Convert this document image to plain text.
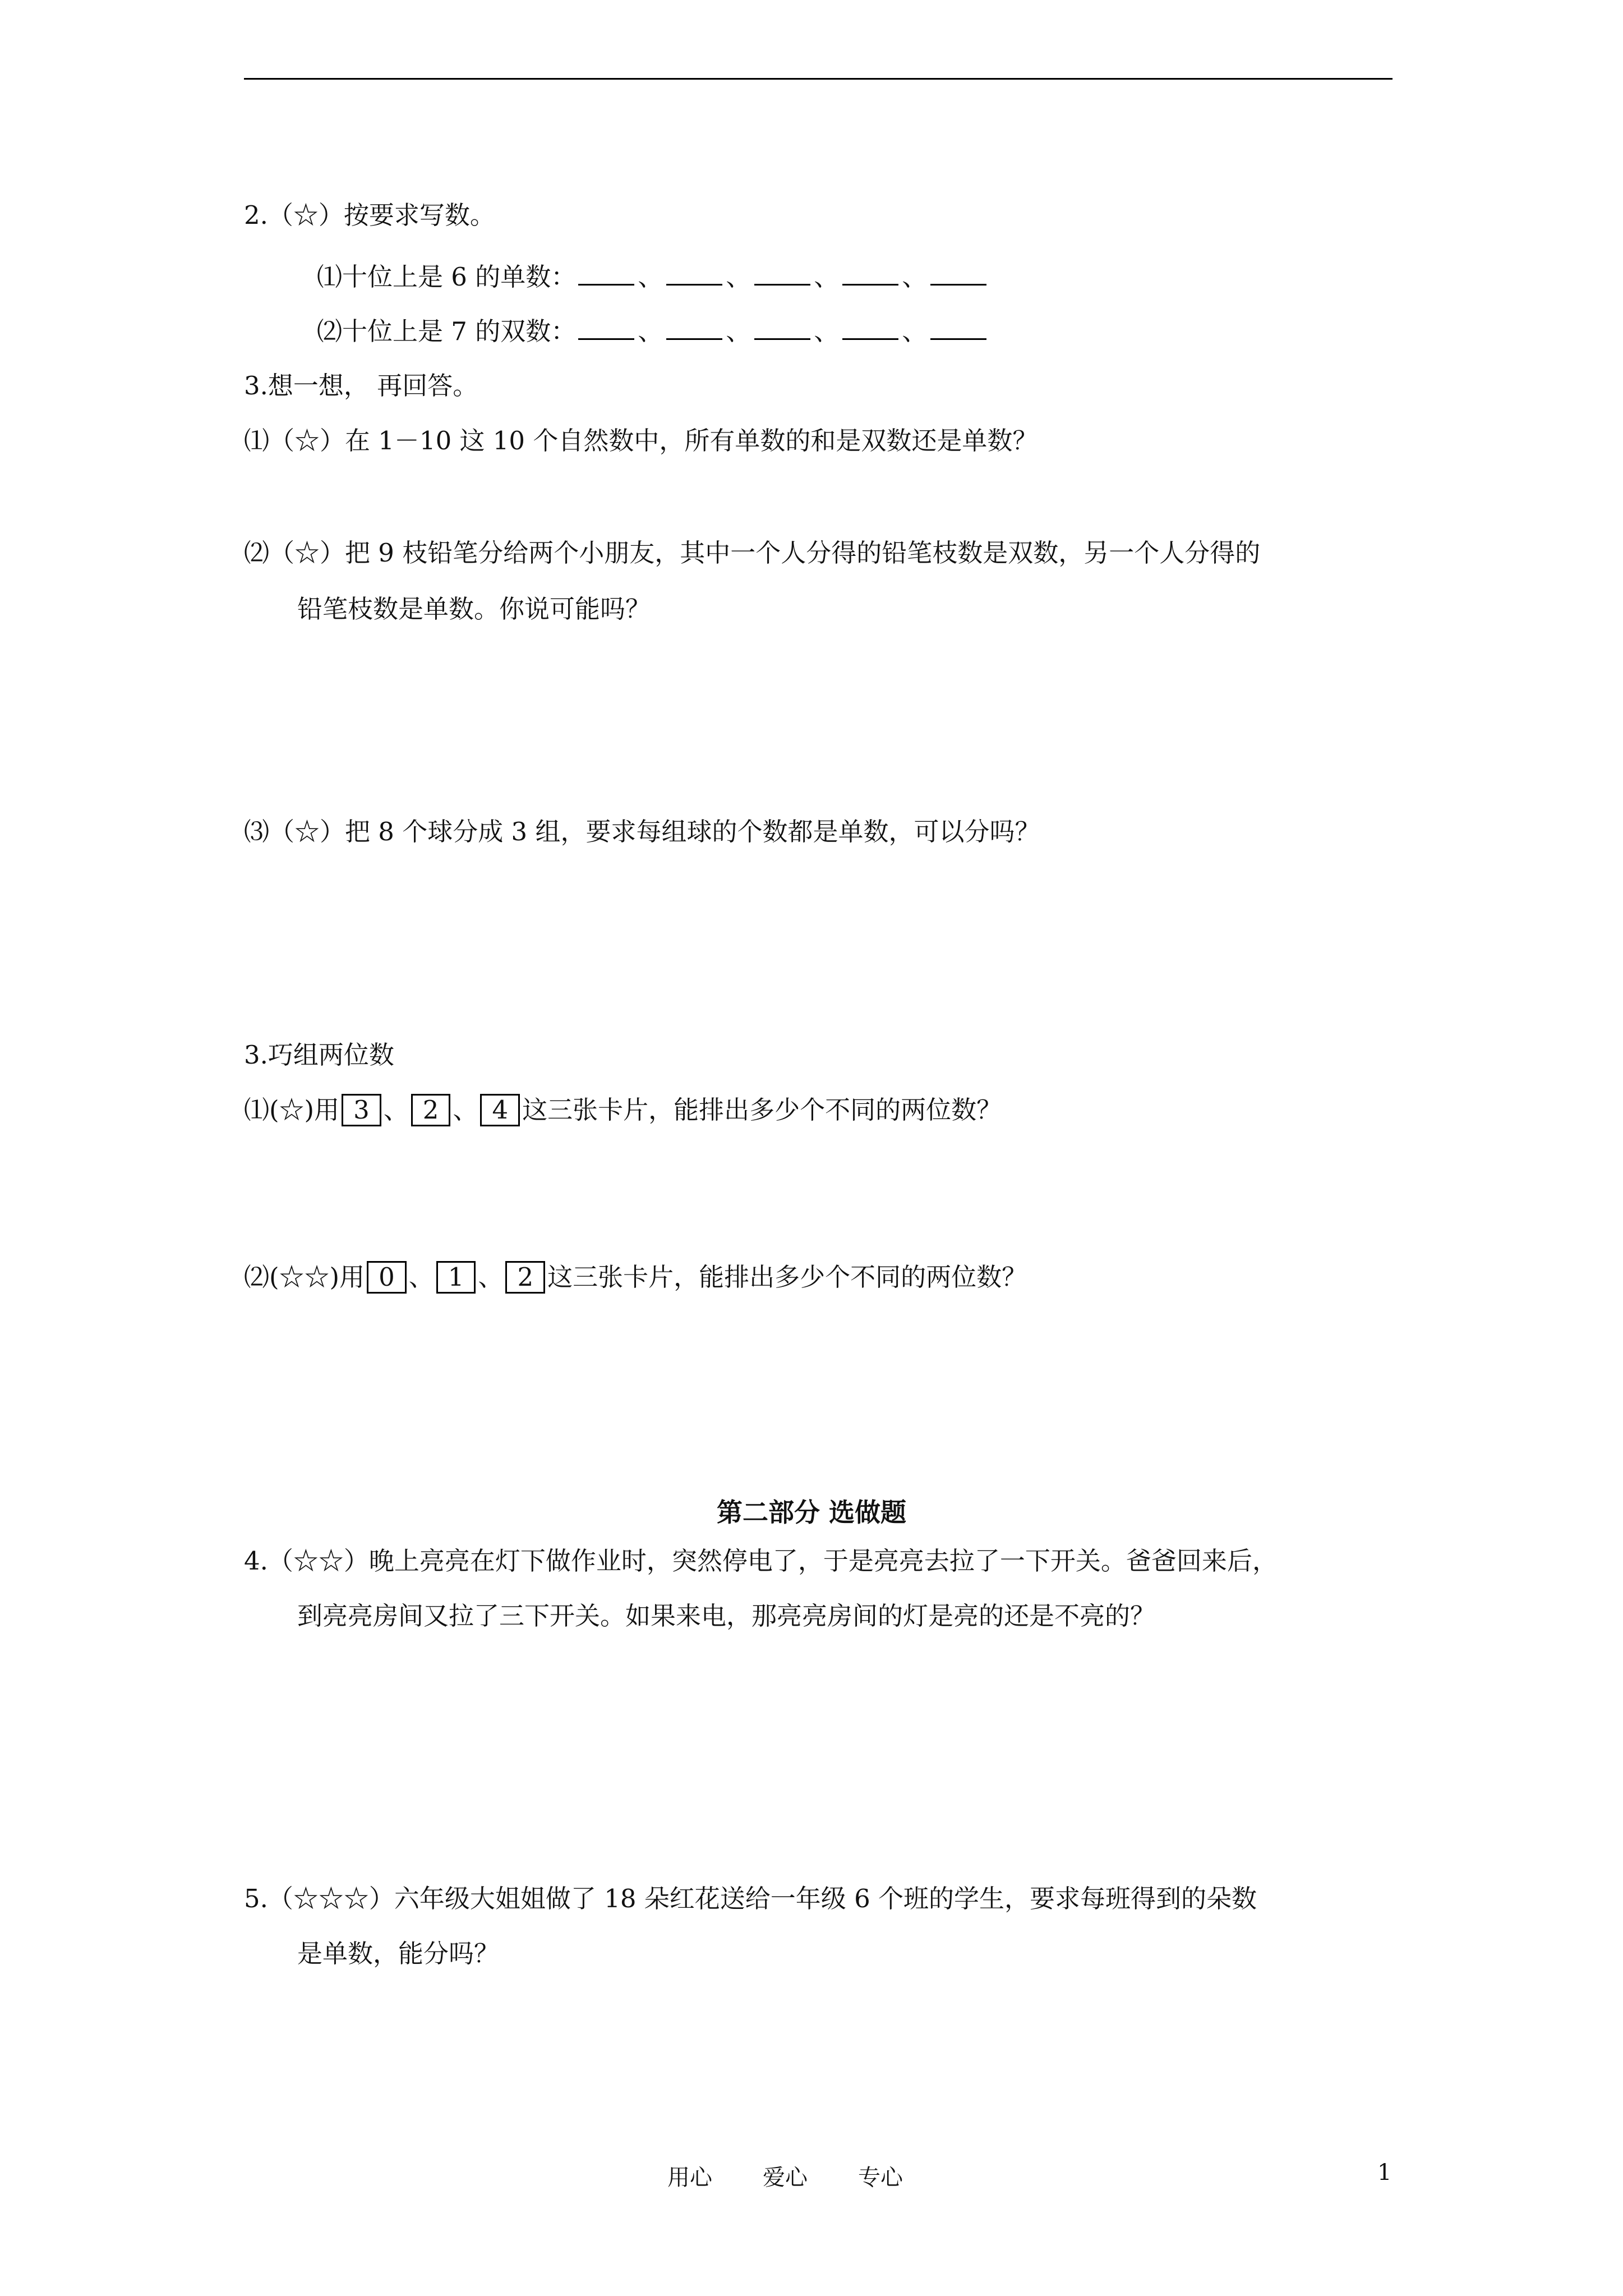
2.（☆）按要求写数。
⑴十位上是 6 的单数： 、 、 、 、
⑵十位上是 7 的双数： 、 、 、 、
3.想一想， 再回答。
⑴（☆）在 1－10 这 10 个自然数中，所有单数的和是双数还是单数？
⑵（☆）把 9 枝铅笔分给两个小朋友，其中一个人分得的铅笔枝数是双数，另一个人分得的
铅笔枝数是单数。你说可能吗？
⑶（☆）把 8 个球分成 3 组，要求每组球的个数都是单数，可以分吗？
3.巧组两位数
⑴(☆)用 3 、 2 、 4 这三张卡片，能排出多少个不同的两位数？
⑵(☆☆)用 0 、 1 、 2 这三张卡片，能排出多少个不同的两位数？
第二部分 选做题
4.（☆☆）晚上亮亮在灯下做作业时，突然停电了，于是亮亮去拉了一下开关。爸爸回来后，
到亮亮房间又拉了三下开关。如果来电，那亮亮房间的灯是亮的还是不亮的？
5.（☆☆☆）六年级大姐姐做了 18 朵红花送给一年级 6 个班的学生，要求每班得到的朵数
是单数，能分吗？
用心 爱心 专心	1
